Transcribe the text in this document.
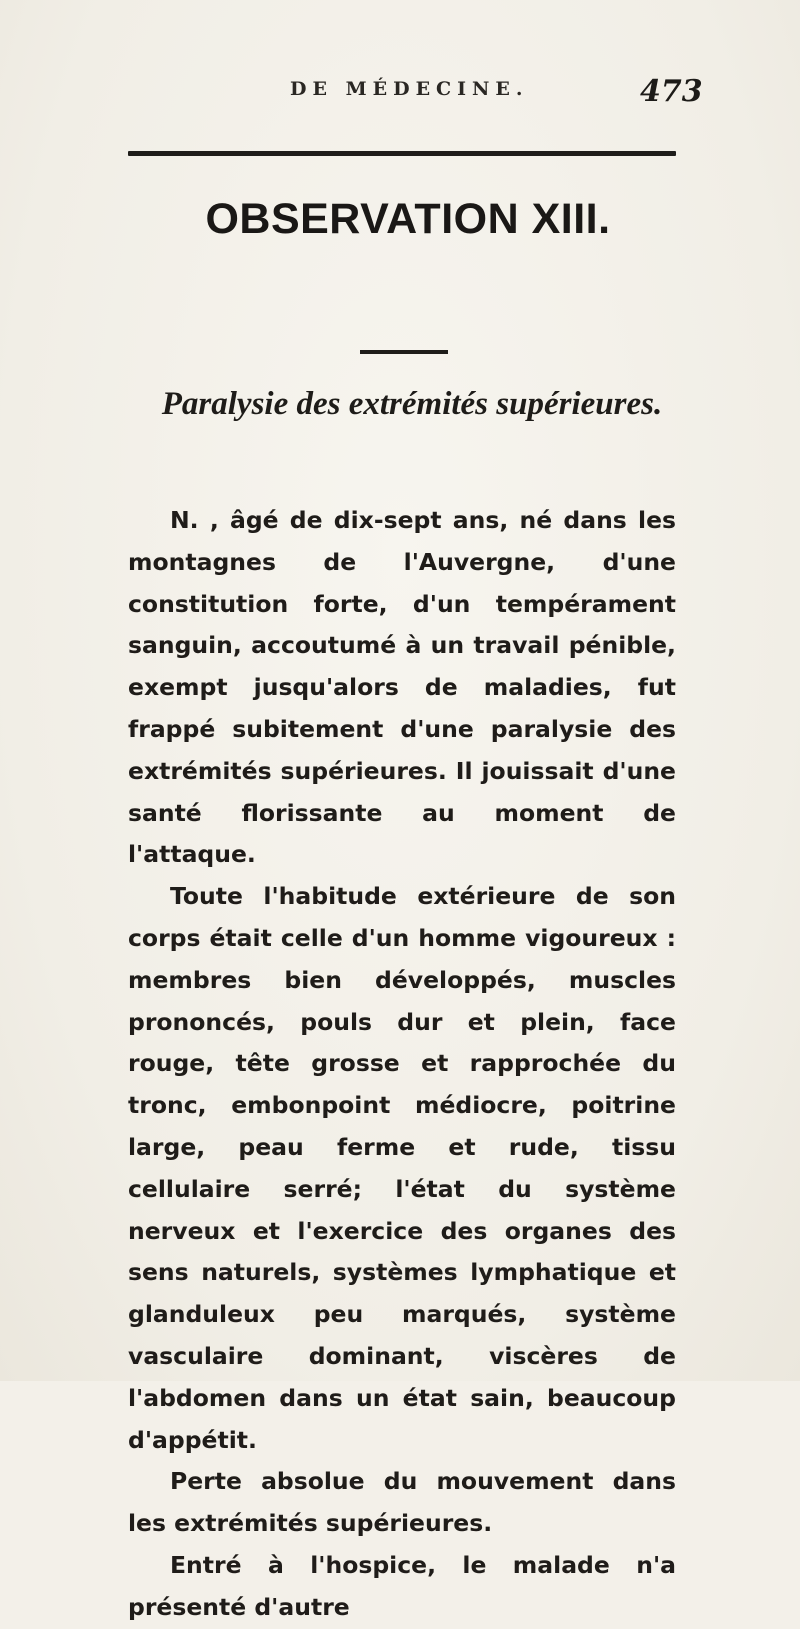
DE MÉDECINE.	473
OBSERVATION XIII.
Paralysie des extrémités supérieures.

N. , âgé de dix-sept ans, né dans les montagnes de l'Auvergne, d'une constitution forte, d'un tempérament sanguin, accoutumé à un travail pénible, exempt jusqu'alors de maladies, fut frappé subitement d'une paralysie des extrémités supérieures. Il jouissait d'une santé florissante au moment de l'attaque.

Toute l'habitude extérieure de son corps était celle d'un homme vigoureux : membres bien développés, muscles prononcés, pouls dur et plein, face rouge, tête grosse et rapprochée du tronc, embonpoint médiocre, poitrine large, peau ferme et rude, tissu cellulaire serré; l'état du système nerveux et l'exercice des organes des sens naturels, systèmes lymphatique et glanduleux peu marqués, système vasculaire dominant, viscères de l'abdomen dans un état sain, beaucoup d'appétit.

Perte absolue du mouvement dans les extrémités supérieures.

Entré à l'hospice, le malade n'a présenté d'autre
